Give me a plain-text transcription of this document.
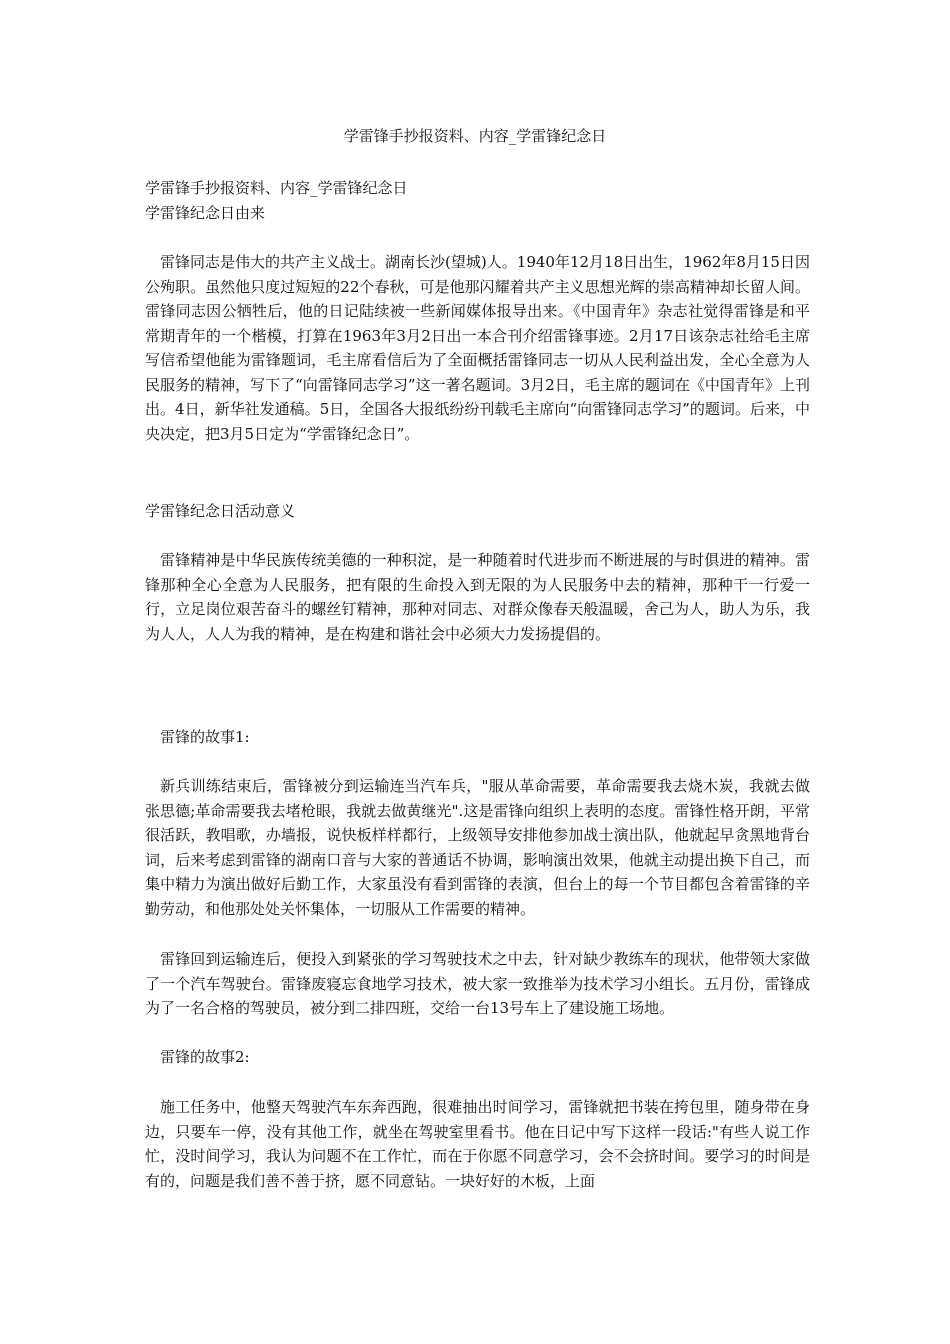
学雷锋手抄报资料、内容_学雷锋纪念日

学雷锋手抄报资料、内容_学雷锋纪念日

学雷锋纪念日由来

雷锋同志是伟大的共产主义战士。湖南长沙(望城)人。1940年12月18日出生，1962年8月15日因公殉职。虽然他只度过短短的22个春秋，可是他那闪耀着共产主义思想光辉的崇高精神却长留人间。雷锋同志因公牺牲后，他的日记陆续被一些新闻媒体报导出来。《中国青年》杂志社觉得雷锋是和平常期青年的一个楷模，打算在1963年3月2日出一本合刊介绍雷锋事迹。2月17日该杂志社给毛主席写信希望他能为雷锋题词，毛主席看信后为了全面概括雷锋同志一切从人民利益出发，全心全意为人民服务的精神，写下了“向雷锋同志学习”这一著名题词。3月2日，毛主席的题词在《中国青年》上刊出。4日，新华社发通稿。5日，全国各大报纸纷纷刊载毛主席向“向雷锋同志学习”的题词。后来，中央决定，把3月5日定为“学雷锋纪念日”。

学雷锋纪念日活动意义

雷锋精神是中华民族传统美德的一种积淀，是一种随着时代进步而不断进展的与时俱进的精神。雷锋那种全心全意为人民服务，把有限的生命投入到无限的为人民服务中去的精神，那种干一行爱一行，立足岗位艰苦奋斗的螺丝钉精神，那种对同志、对群众像春天般温暖，舍己为人，助人为乐，我为人人，人人为我的精神，是在构建和谐社会中必须大力发扬提倡的。

雷锋的故事1:

新兵训练结束后，雷锋被分到运输连当汽车兵，"服从革命需要，革命需要我去烧木炭，我就去做张思德;革命需要我去堵枪眼，我就去做黄继光".这是雷锋向组织上表明的态度。雷锋性格开朗，平常很活跃，教唱歌，办墙报，说快板样样都行，上级领导安排他参加战士演出队，他就起早贪黑地背台词，后来考虑到雷锋的湖南口音与大家的普通话不协调，影响演出效果，他就主动提出换下自己，而集中精力为演出做好后勤工作，大家虽没有看到雷锋的表演，但台上的每一个节目都包含着雷锋的辛勤劳动，和他那处处关怀集体，一切服从工作需要的精神。

雷锋回到运输连后，便投入到紧张的学习驾驶技术之中去，针对缺少教练车的现状，他带领大家做了一个汽车驾驶台。雷锋废寝忘食地学习技术，被大家一致推举为技术学习小组长。五月份，雷锋成为了一名合格的驾驶员，被分到二排四班，交给一台13号车上了建设施工场地。

雷锋的故事2:

施工任务中，他整天驾驶汽车东奔西跑，很难抽出时间学习，雷锋就把书装在挎包里，随身带在身边，只要车一停，没有其他工作，就坐在驾驶室里看书。他在日记中写下这样一段话:"有些人说工作忙，没时间学习，我认为问题不在工作忙，而在于你愿不同意学习，会不会挤时间。要学习的时间是有的，问题是我们善不善于挤，愿不同意钻。一块好好的木板，上面
